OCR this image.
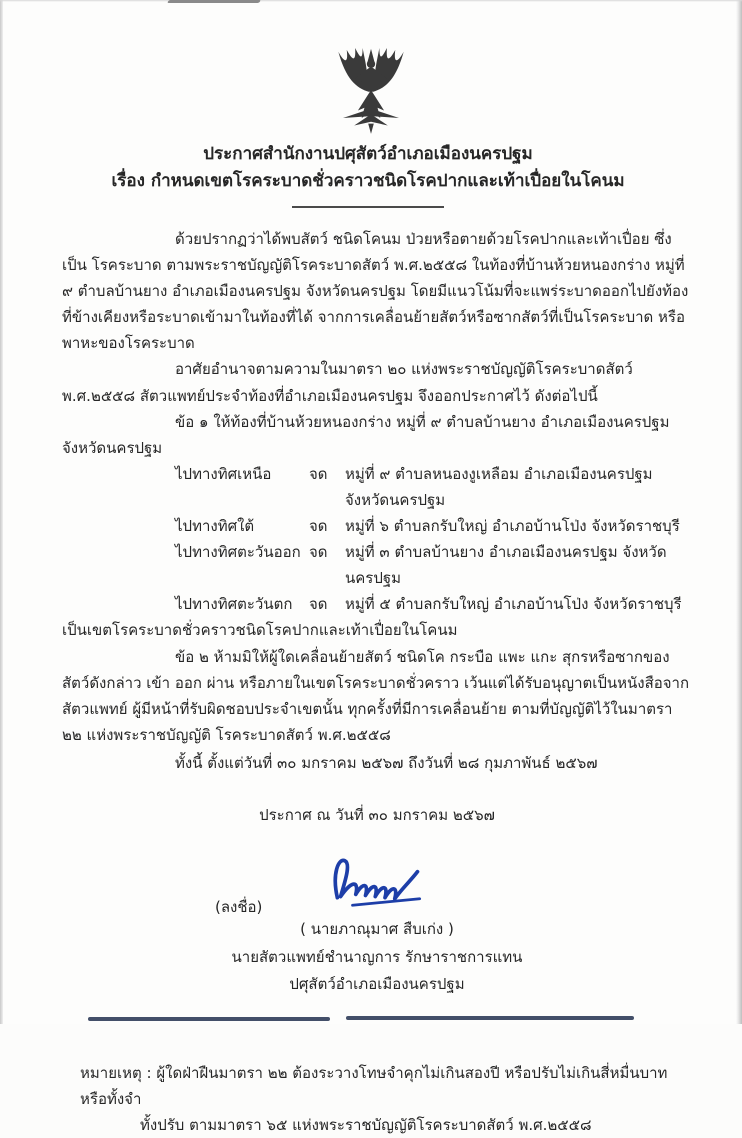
ประกาศสำนักงานปศุสัตว์อำเภอเมืองนครปฐม
เรื่อง กำหนดเขตโรคระบาดชั่วคราวชนิดโรคปากและเท้าเปื่อยในโคนม

ด้วยปรากฏว่าได้พบสัตว์ ชนิดโคนม ป่วยหรือตายด้วยโรคปากและเท้าเปื่อย ซึ่งเป็น โรคระบาด ตามพระราชบัญญัติโรคระบาดสัตว์ พ.ศ.๒๕๕๘ ในท้องที่บ้านห้วยหนองกร่าง หมู่ที่ ๙ ตำบลบ้านยาง อำเภอเมืองนครปฐม จังหวัดนครปฐม โดยมีแนวโน้มที่จะแพร่ระบาดออกไปยังท้องที่ข้างเคียงหรือระบาดเข้ามาในท้องที่ได้ จากการเคลื่อนย้ายสัตว์หรือซากสัตว์ที่เป็นโรคระบาด หรือพาหะของโรคระบาด

อาศัยอำนาจตามความในมาตรา ๒๐ แห่งพระราชบัญญัติโรคระบาดสัตว์ พ.ศ.๒๕๕๘ สัตวแพทย์ประจำท้องที่อำเภอเมืองนครปฐม จึงออกประกาศไว้ ดังต่อไปนี้

ข้อ ๑ ให้ท้องที่บ้านห้วยหนองกร่าง หมู่ที่ ๙ ตำบลบ้านยาง อำเภอเมืองนครปฐม จังหวัดนครปฐม

ไปทางทิศเหนือ	จด	หมู่ที่ ๙ ตำบลหนองงูเหลือม อำเภอเมืองนครปฐม จังหวัดนครปฐม
ไปทางทิศใต้	จด	หมู่ที่ ๖ ตำบลกรับใหญ่ อำเภอบ้านโป่ง จังหวัดราชบุรี
ไปทางทิศตะวันออก จด	หมู่ที่ ๓ ตำบลบ้านยาง อำเภอเมืองนครปฐม จังหวัดนครปฐม
ไปทางทิศตะวันตก	จด	หมู่ที่ ๕ ตำบลกรับใหญ่ อำเภอบ้านโป่ง จังหวัดราชบุรี

เป็นเขตโรคระบาดชั่วคราวชนิดโรคปากและเท้าเปื่อยในโคนม

ข้อ ๒ ห้ามมิให้ผู้ใดเคลื่อนย้ายสัตว์ ชนิดโค กระบือ แพะ แกะ สุกรหรือซากของสัตว์ดังกล่าว เข้า ออก ผ่าน หรือภายในเขตโรคระบาดชั่วคราว เว้นแต่ได้รับอนุญาตเป็นหนังสือจากสัตวแพทย์ ผู้มีหน้าที่รับผิดชอบประจำเขตนั้น ทุกครั้งที่มีการเคลื่อนย้าย ตามที่บัญญัติไว้ในมาตรา ๒๒ แห่งพระราชบัญญัติ โรคระบาดสัตว์ พ.ศ.๒๕๕๘

ทั้งนี้ ตั้งแต่วันที่ ๓๐ มกราคม ๒๕๖๗ ถึงวันที่ ๒๘ กุมภาพันธ์ ๒๕๖๗
ประกาศ ณ วันที่ ๓๐ มกราคม ๒๕๖๗
(ลงชื่อ)
( นายภาณุมาศ สืบเก่ง )
นายสัตวแพทย์ชำนาญการ รักษาราชการแทน
ปศุสัตว์อำเภอเมืองนครปฐม
หมายเหตุ : ผู้ใดฝ่าฝืนมาตรา ๒๒ ต้องระวางโทษจำคุกไม่เกินสองปี หรือปรับไม่เกินสี่หมื่นบาท หรือทั้งจำ
ทั้งปรับ ตามมาตรา ๖๕ แห่งพระราชบัญญัติโรคระบาดสัตว์ พ.ศ.๒๕๕๘
